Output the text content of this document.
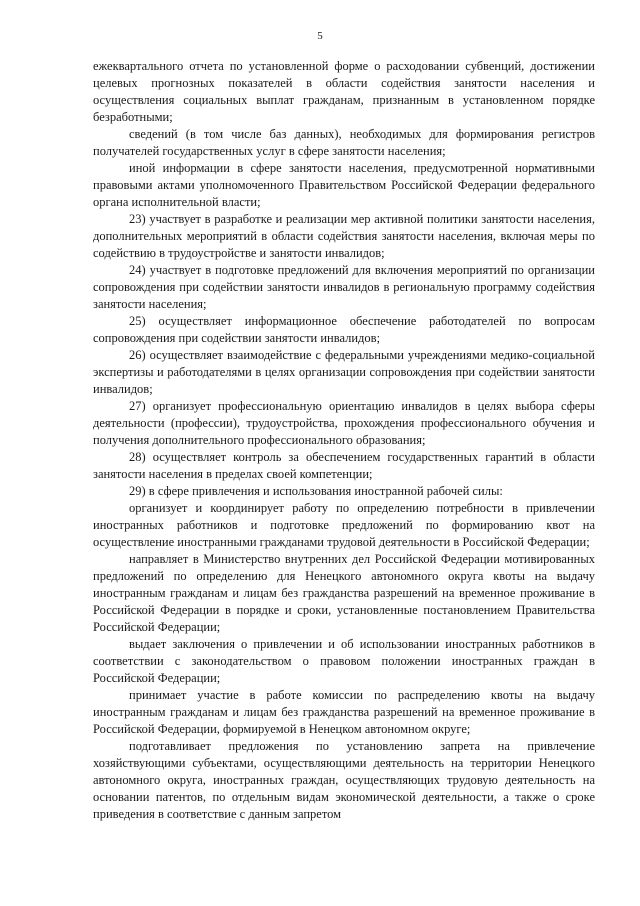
5

ежеквартального отчета по установленной форме о расходовании субвенций, достижении целевых прогнозных показателей в области содействия занятости населения и осуществления социальных выплат гражданам, признанным в установленном порядке безработными;

сведений (в том числе баз данных), необходимых для формирования регистров получателей государственных услуг в сфере занятости населения;

иной информации в сфере занятости населения, предусмотренной нормативными правовыми актами уполномоченного Правительством Российской Федерации федерального органа исполнительной власти;

23) участвует в разработке и реализации мер активной политики занятости населения, дополнительных мероприятий в области содействия занятости населения, включая меры по содействию в трудоустройстве и занятости инвалидов;

24) участвует в подготовке предложений для включения мероприятий по организации сопровождения при содействии занятости инвалидов в региональную программу содействия занятости населения;

25) осуществляет информационное обеспечение работодателей по вопросам сопровождения при содействии занятости инвалидов;

26) осуществляет взаимодействие с федеральными учреждениями медико-социальной экспертизы и работодателями в целях организации сопровождения при содействии занятости инвалидов;

27) организует профессиональную ориентацию инвалидов в целях выбора сферы деятельности (профессии), трудоустройства, прохождения профессионального обучения и получения дополнительного профессионального образования;

28) осуществляет контроль за обеспечением государственных гарантий в области занятости населения в пределах своей компетенции;

29) в сфере привлечения и использования иностранной рабочей силы:

организует и координирует работу по определению потребности в привлечении иностранных работников и подготовке предложений по формированию квот на осуществление иностранными гражданами трудовой деятельности в Российской Федерации;

направляет в Министерство внутренних дел Российской Федерации мотивированных предложений по определению для Ненецкого автономного округа квоты на выдачу иностранным гражданам и лицам без гражданства разрешений на временное проживание в Российской Федерации в порядке и сроки, установленные постановлением Правительства Российской Федерации;

выдает заключения о привлечении и об использовании иностранных работников в соответствии с законодательством о правовом положении иностранных граждан в Российской Федерации;

принимает участие в работе комиссии по распределению квоты на выдачу иностранным гражданам и лицам без гражданства разрешений на временное проживание в Российской Федерации, формируемой в Ненецком автономном округе;

подготавливает предложения по установлению запрета на привлечение хозяйствующими субъектами, осуществляющими деятельность на территории Ненецкого автономного округа, иностранных граждан, осуществляющих трудовую деятельность на основании патентов, по отдельным видам экономической деятельности, а также о сроке приведения в соответствие с данным запретом
